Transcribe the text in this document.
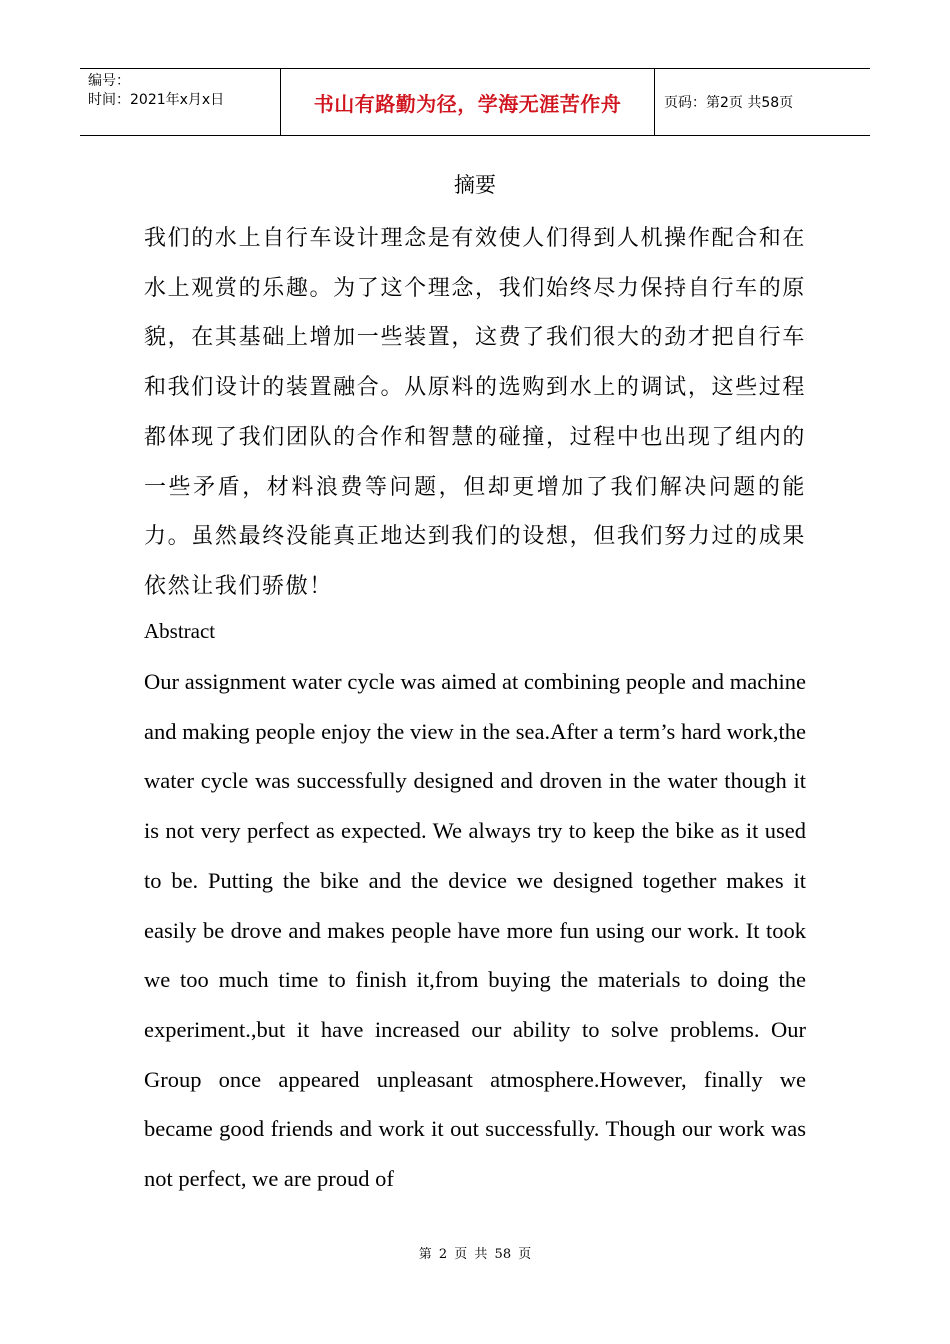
编号：
时间：2021年x月x日	书山有路勤为径，学海无涯苦作舟	页码：第2页 共58页
摘要

我们的水上自行车设计理念是有效使人们得到人机操作配合和在水上观赏的乐趣。为了这个理念，我们始终尽力保持自行车的原貌，在其基础上增加一些装置，这费了我们很大的劲才把自行车和我们设计的装置融合。从原料的选购到水上的调试，这些过程都体现了我们团队的合作和智慧的碰撞，过程中也出现了组内的一些矛盾，材料浪费等问题，但却更增加了我们解决问题的能力。虽然最终没能真正地达到我们的设想，但我们努力过的成果依然让我们骄傲！

Abstract

Our assignment water cycle was aimed at combining people and machine and making people enjoy the view in the sea.After a term’s hard work,the water cycle was successfully designed and droven in the water though it is not very perfect as expected. We always try to keep the bike as it used to be. Putting the bike and the device we designed together makes it easily be drove and makes people have more fun using our work. It took we too much time to finish it,from buying the materials to doing the experiment.,but it have increased our ability to solve problems. Our Group once appeared unpleasant atmosphere.However, finally we became good friends and work it out successfully. Though our work was not perfect, we are proud of

第 2 页 共 58 页
